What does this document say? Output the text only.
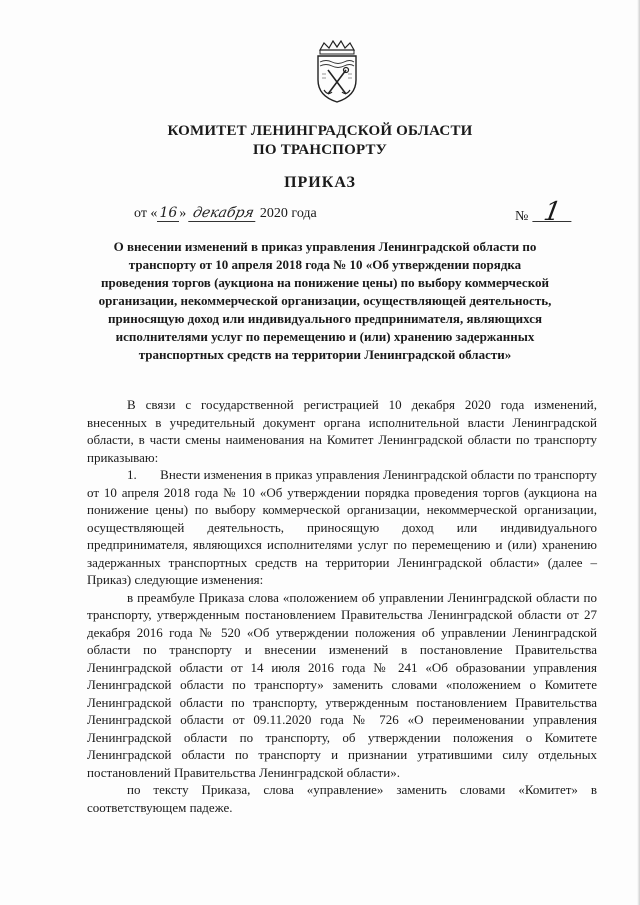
КОМИТЕТ ЛЕНИНГРАДСКОЙ ОБЛАСТИ
ПО ТРАНСПОРТУ
ПРИКАЗ
от « 16 » декабря 2020 года	№ 1
О внесении изменений в приказ управления Ленинградской области по транспорту от 10 апреля 2018 года № 10 «Об утверждении порядка проведения торгов (аукциона на понижение цены) по выбору коммерческой организации, некоммерческой организации, осуществляющей деятельность, приносящую доход или индивидуального предпринимателя, являющихся исполнителями услуг по перемещению и (или) хранению задержанных транспортных средств на территории Ленинградской области»

В связи с государственной регистрацией 10 декабря 2020 года изменений, внесенных в учредительный документ органа исполнительной власти Ленинградской области, в части смены наименования на Комитет Ленинградской области по транспорту приказываю:

1.       Внести изменения в приказ управления Ленинградской области по транспорту от 10 апреля 2018 года № 10 «Об утверждении порядка проведения торгов (аукциона на понижение цены) по выбору коммерческой организации, некоммерческой организации, осуществляющей деятельность, приносящую доход или индивидуального предпринимателя, являющихся исполнителями услуг по перемещению и (или) хранению задержанных транспортных средств на территории Ленинградской области» (далее – Приказ) следующие изменения:

в преамбуле Приказа слова «положением об управлении Ленинградской области по транспорту, утвержденным постановлением Правительства Ленинградской области от 27 декабря 2016 года № 520 «Об утверждении положения об управлении Ленинградской области по транспорту и внесении изменений в постановление Правительства Ленинградской области от 14 июля 2016 года № 241 «Об образовании управления Ленинградской области по транспорту» заменить словами «положением о Комитете Ленинградской области по транспорту, утвержденным постановлением Правительства Ленинградской области от 09.11.2020 года № 726 «О переименовании управления Ленинградской области по транспорту, об утверждении положения о Комитете Ленинградской области по транспорту и признании утратившими силу отдельных постановлений Правительства Ленинградской области».

по тексту Приказа, слова «управление» заменить словами «Комитет» в соответствующем падеже.
